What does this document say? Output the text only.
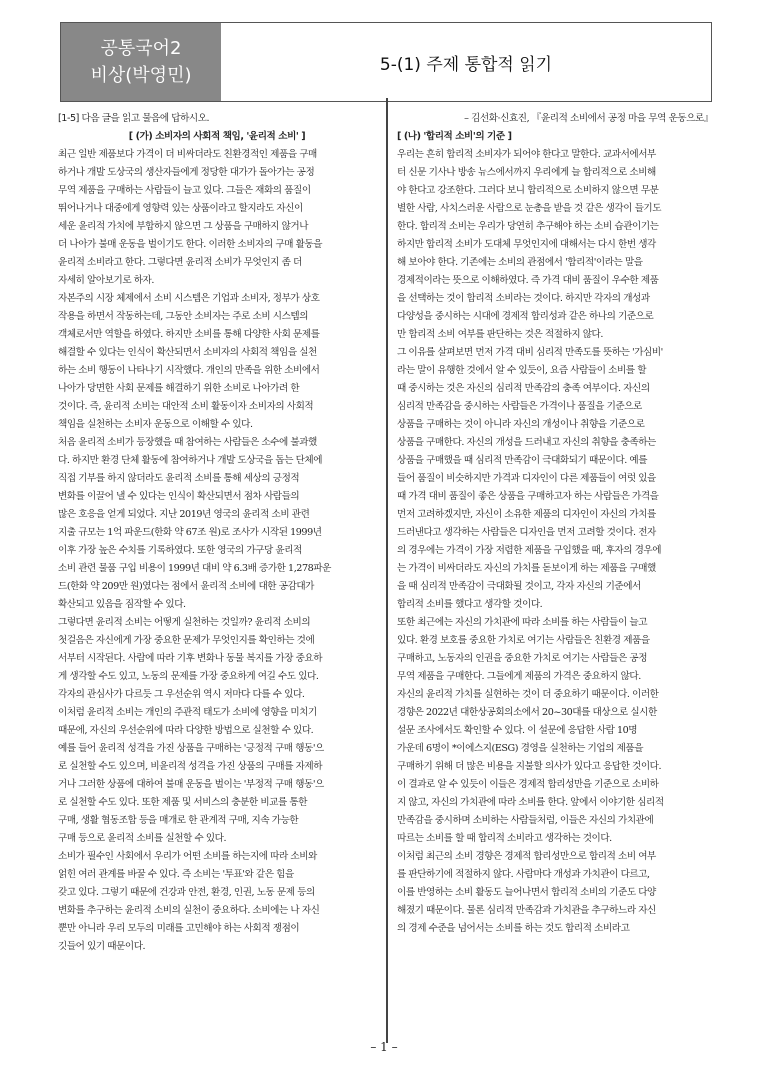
공통국어2
비상(박영민)
5-(1) 주제 통합적 읽기

[1-5] 다음 글을 읽고 물음에 답하시오.

[ (가) 소비자의 사회적 책임, '윤리적 소비' ]

최근 일반 제품보다 가격이 더 비싸더라도 친환경적인 제품을 구매

하거나 개발 도상국의 생산자들에게 정당한 대가가 돌아가는 공정

무역 제품을 구매하는 사람들이 늘고 있다. 그들은 재화의 품질이

뛰어나거나 대중에게 영향력 있는 상품이라고 할지라도 자신이

세운 윤리적 가치에 부합하지 않으면 그 상품을 구매하지 않거나

더 나아가 불매 운동을 벌이기도 한다. 이러한 소비자의 구매 활동을

윤리적 소비라고 한다. 그렇다면 윤리적 소비가 무엇인지 좀 더

자세히 알아보기로 하자.

자본주의 시장 체제에서 소비 시스템은 기업과 소비자, 정부가 상호

작용을 하면서 작동하는데, 그동안 소비자는 주로 소비 시스템의

객체로서만 역할을 하였다. 하지만 소비를 통해 다양한 사회 문제를

해결할 수 있다는 인식이 확산되면서 소비자의 사회적 책임을 실천

하는 소비 행동이 나타나기 시작했다. 개인의 만족을 위한 소비에서

나아가 당면한 사회 문제를 해결하기 위한 소비로 나아가려 한

것이다. 즉, 윤리적 소비는 대안적 소비 활동이자 소비자의 사회적

책임을 실천하는 소비자 운동으로 이해할 수 있다.

처음 윤리적 소비가 등장했을 때 참여하는 사람들은 소수에 불과했

다. 하지만 환경 단체 활동에 참여하거나 개발 도상국을 돕는 단체에

직접 기부를 하지 않더라도 윤리적 소비를 통해 세상의 긍정적

변화를 이끌어 낼 수 있다는 인식이 확산되면서 점차 사람들의

많은 호응을 얻게 되었다. 지난 2019년 영국의 윤리적 소비 관련

지출 규모는 1억 파운드(한화 약 67조 원)로 조사가 시작된 1999년

이후 가장 높은 수치를 기록하였다. 또한 영국의 가구당 윤리적

소비 관련 물품 구입 비용이 1999년 대비 약 6.3배 증가한 1,278파운

드(한화 약 209만 원)였다는 점에서 윤리적 소비에 대한 공감대가

확산되고 있음을 짐작할 수 있다.

그렇다면 윤리적 소비는 어떻게 실천하는 것일까? 윤리적 소비의

첫걸음은 자신에게 가장 중요한 문제가 무엇인지를 확인하는 것에

서부터 시작된다. 사람에 따라 기후 변화나 동물 복지를 가장 중요하

게 생각할 수도 있고, 노동의 문제를 가장 중요하게 여길 수도 있다.

각자의 관심사가 다르듯 그 우선순위 역시 저마다 다를 수 있다.

이처럼 윤리적 소비는 개인의 주관적 태도가 소비에 영향을 미치기

때문에, 자신의 우선순위에 따라 다양한 방법으로 실천할 수 있다.

예를 들어 윤리적 성격을 가진 상품을 구매하는 '긍정적 구매 행동'으

로 실천할 수도 있으며, 비윤리적 성격을 가진 상품의 구매를 자제하

거나 그러한 상품에 대하여 불매 운동을 벌이는 '부정적 구매 행동'으

로 실천할 수도 있다. 또한 제품 및 서비스의 충분한 비교를 통한

구매, 생활 협동조합 등을 매개로 한 관계적 구매, 지속 가능한

구매 등으로 윤리적 소비를 실천할 수 있다.

소비가 필수인 사회에서 우리가 어떤 소비를 하는지에 따라 소비와

얽힌 여러 관계를 바꿀 수 있다. 즉 소비는 '투표'와 같은 힘을

갖고 있다. 그렇기 때문에 건강과 안전, 환경, 인권, 노동 문제 등의

변화를 추구하는 윤리적 소비의 실천이 중요하다. 소비에는 나 자신

뿐만 아니라 우리 모두의 미래를 고민해야 하는 사회적 쟁점이

깃들어 있기 때문이다.

– 김선화·신효진, 『윤리적 소비에서 공정 마을 무역 운동으로』

[ (나) '합리적 소비'의 기준 ]

우리는 흔히 합리적 소비자가 되어야 한다고 말한다. 교과서에서부

터 신문 기사나 방송 뉴스에서까지 우리에게 늘 합리적으로 소비해

야 한다고 강조한다. 그러다 보니 합리적으로 소비하지 않으면 무분

별한 사람, 사치스러운 사람으로 눈총을 받을 것 같은 생각이 들기도

한다. 합리적 소비는 우리가 당연히 추구해야 하는 소비 습관이기는

하지만 합리적 소비가 도대체 무엇인지에 대해서는 다시 한번 생각

해 보아야 한다. 기존에는 소비의 관점에서 '합리적'이라는 말을

경제적이라는 뜻으로 이해하였다. 즉 가격 대비 품질이 우수한 제품

을 선택하는 것이 합리적 소비라는 것이다. 하지만 각자의 개성과

다양성을 중시하는 시대에 경제적 합리성과 같은 하나의 기준으로

만 합리적 소비 여부를 판단하는 것은 적절하지 않다.

그 이유를 살펴보면 먼저 가격 대비 심리적 만족도를 뜻하는 '가심비'

라는 말이 유행한 것에서 알 수 있듯이, 요즘 사람들이 소비를 할

때 중시하는 것은 자신의 심리적 만족감의 충족 여부이다. 자신의

심리적 만족감을 중시하는 사람들은 가격이나 품질을 기준으로

상품을 구매하는 것이 아니라 자신의 개성이나 취향을 기준으로

상품을 구매한다. 자신의 개성을 드러내고 자신의 취향을 충족하는

상품을 구매했을 때 심리적 만족감이 극대화되기 때문이다. 예를

들어 품질이 비슷하지만 가격과 디자인이 다른 제품들이 여럿 있을

때 가격 대비 품질이 좋은 상품을 구매하고자 하는 사람들은 가격을

먼저 고려하겠지만, 자신이 소유한 제품의 디자인이 자신의 가치를

드러낸다고 생각하는 사람들은 디자인을 먼저 고려할 것이다. 전자

의 경우에는 가격이 가장 저렴한 제품을 구입했을 때, 후자의 경우에

는 가격이 비싸더라도 자신의 가치를 돋보이게 하는 제품을 구매했

을 때 심리적 만족감이 극대화될 것이고, 각자 자신의 기준에서

합리적 소비를 했다고 생각할 것이다.

또한 최근에는 자신의 가치관에 따라 소비를 하는 사람들이 늘고

있다. 환경 보호를 중요한 가치로 여기는 사람들은 친환경 제품을

구매하고, 노동자의 인권을 중요한 가치로 여기는 사람들은 공정

무역 제품을 구매한다. 그들에게 제품의 가격은 중요하지 않다.

자신의 윤리적 가치를 실현하는 것이 더 중요하기 때문이다. 이러한

경향은 2022년 대한상공회의소에서 20~30대를 대상으로 실시한

설문 조사에서도 확인할 수 있다. 이 설문에 응답한 사람 10명

가운데 6명이 *이에스지(ESG) 경영을 실천하는 기업의 제품을

구매하기 위해 더 많은 비용을 지불할 의사가 있다고 응답한 것이다.

이 결과로 알 수 있듯이 이들은 경제적 합리성만을 기준으로 소비하

지 않고, 자신의 가치관에 따라 소비를 한다. 앞에서 이야기한 심리적

만족감을 중시하며 소비하는 사람들처럼, 이들은 자신의 가치관에

따르는 소비를 할 때 합리적 소비라고 생각하는 것이다.

이처럼 최근의 소비 경향은 경제적 합리성만으로 합리적 소비 여부

를 판단하기에 적절하지 않다. 사람마다 개성과 가치관이 다르고,

이를 반영하는 소비 활동도 늘어나면서 합리적 소비의 기준도 다양

해졌기 때문이다. 물론 심리적 만족감과 가치관을 추구하느라 자신

의 경제 수준을 넘어서는 소비를 하는 것도 합리적 소비라고

– 1 –
